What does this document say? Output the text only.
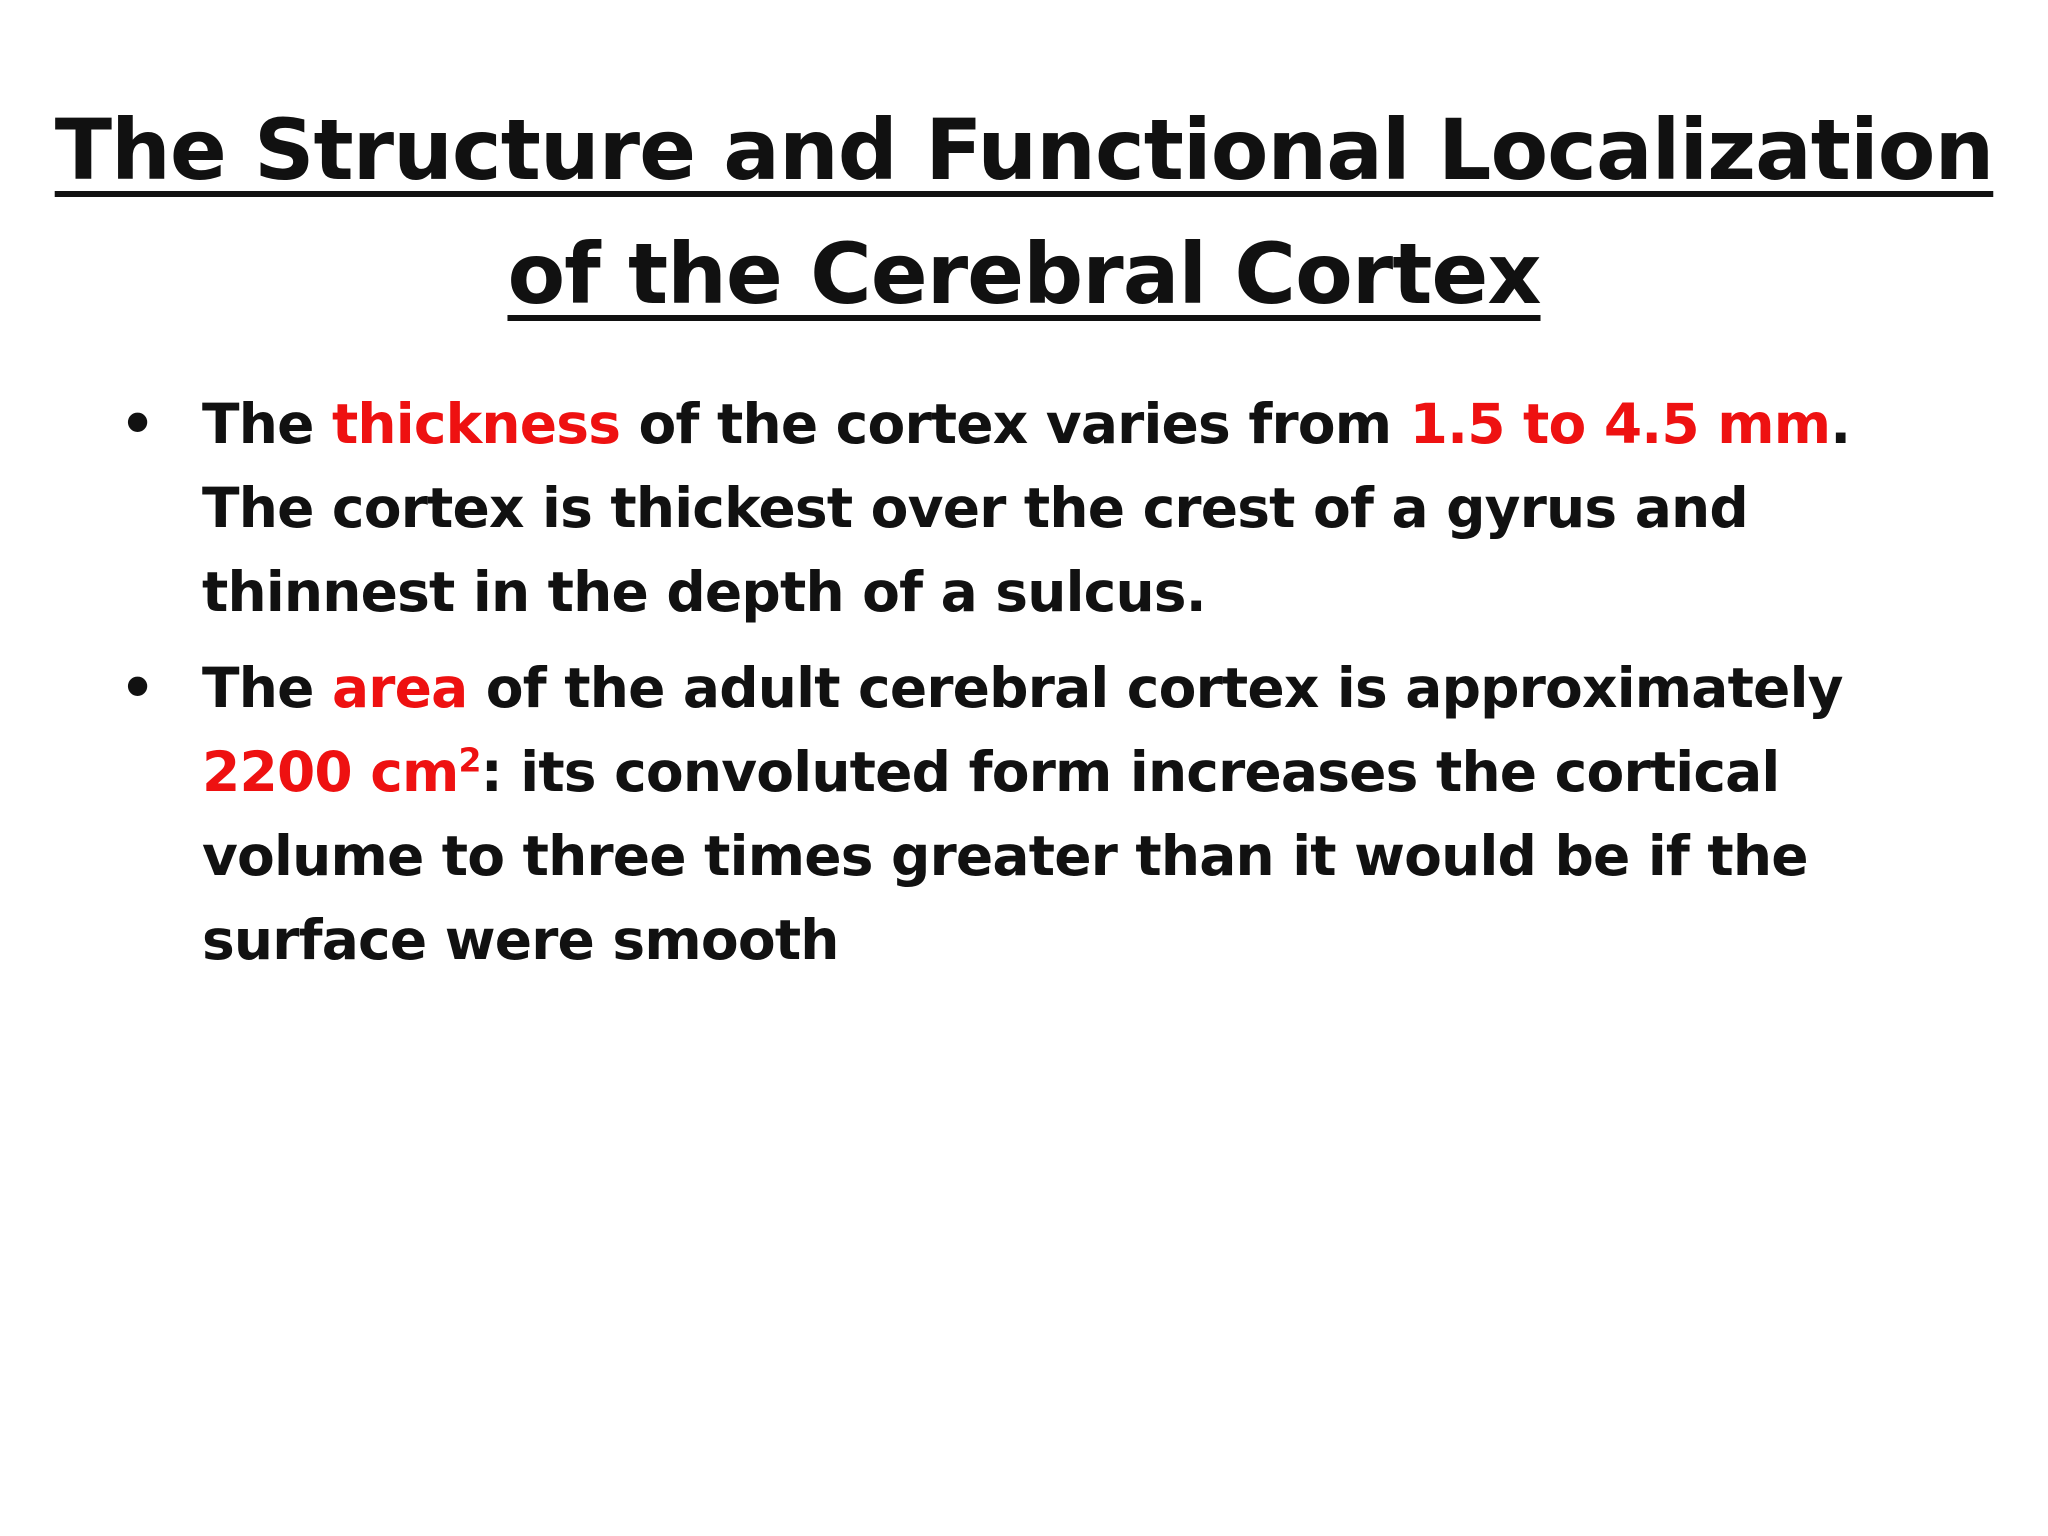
The Structure and Functional Localization
of the Cerebral Cortex
• The thickness of the cortex varies from 1.5 to 4.5 mm. The cortex is thickest over the crest of a gyrus and thinnest in the depth of a sulcus.
• The area of the adult cerebral cortex is approximately 2200 $cm^2$: its convoluted form increases the cortical volume to three times greater than it would be if the surface were smooth
